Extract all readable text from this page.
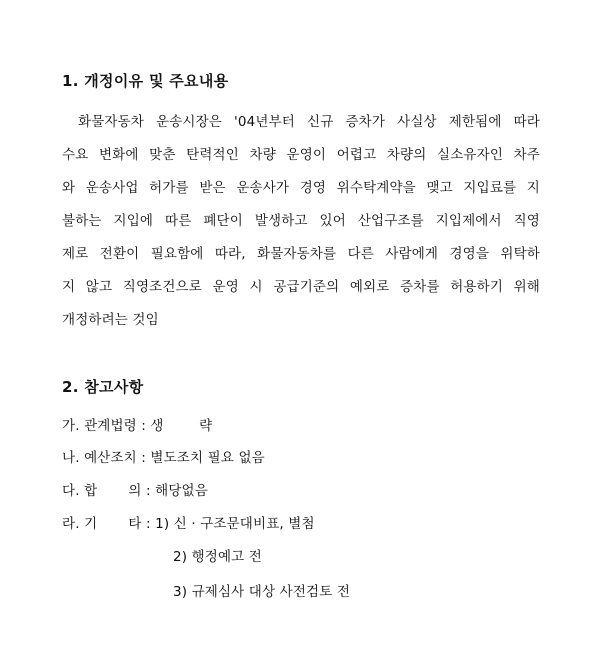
1. 개정이유 및 주요내용
화물자동차 운송시장은 '04년부터 신규 증차가 사실상 제한됨에 따라
수요 변화에 맞춘 탄력적인 차량 운영이 어렵고 차량의 실소유자인 차주
와 운송사업 허가를 받은 운송사가 경영 위수탁계약을 맺고 지입료를 지
불하는 지입에 따른 폐단이 발생하고 있어 산업구조를 지입제에서 직영
제로 전환이 필요함에 따라, 화물자동차를 다른 사람에게 경영을 위탁하
지 않고 직영조건으로 운영 시 공급기준의 예외로 증차를 허용하기 위해
개정하려는 것임
2. 참고사항
가. 관계법령 : 생        략
나. 예산조치 : 별도조치 필요 없음
다. 합       의 : 해당없음
라. 기       타 : 1) 신 · 구조문대비표, 별첨
2) 행정예고 전
3) 규제심사 대상 사전검토 전
